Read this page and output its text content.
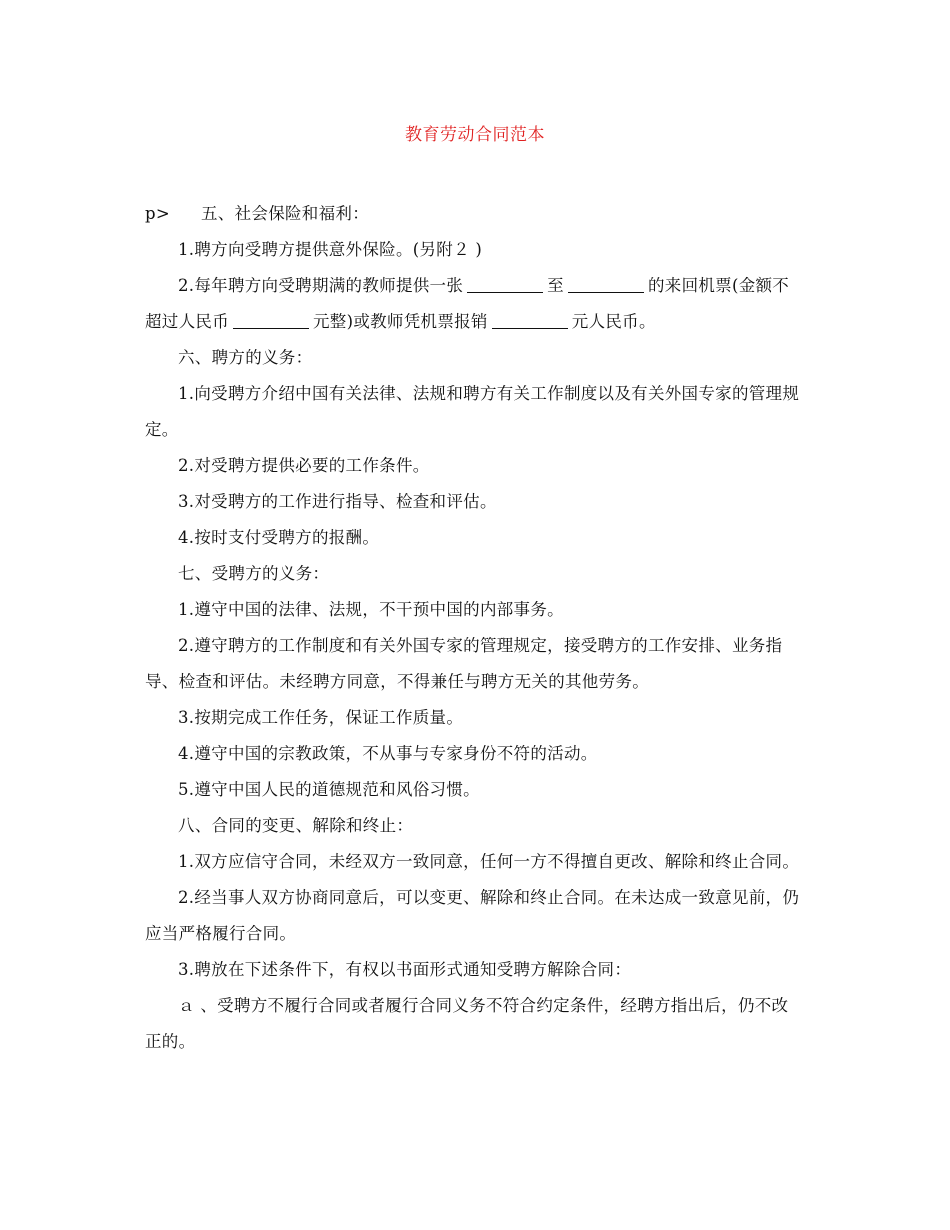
教育劳动合同范本

p> 五、社会保险和福利：

1.聘方向受聘方提供意外保险。(另附２ )

2.每年聘方向受聘期满的教师提供一张	至	的来回机票(金额不超过人民币	元整)或教师凭机票报销	元人民币。

六、聘方的义务：

1.向受聘方介绍中国有关法律、法规和聘方有关工作制度以及有关外国专家的管理规定。

2.对受聘方提供必要的工作条件。

3.对受聘方的工作进行指导、检查和评估。

4.按时支付受聘方的报酬。

七、受聘方的义务：

1.遵守中国的法律、法规，不干预中国的内部事务。

2.遵守聘方的工作制度和有关外国专家的管理规定，接受聘方的工作安排、业务指导、检查和评估。未经聘方同意，不得兼任与聘方无关的其他劳务。

3.按期完成工作任务，保证工作质量。

4.遵守中国的宗教政策，不从事与专家身份不符的活动。

5.遵守中国人民的道德规范和风俗习惯。

八、合同的变更、解除和终止：

1.双方应信守合同，未经双方一致同意，任何一方不得擅自更改、解除和终止合同。

2.经当事人双方协商同意后，可以变更、解除和终止合同。在未达成一致意见前，仍应当严格履行合同。

3.聘放在下述条件下，有权以书面形式通知受聘方解除合同：

ａ 、受聘方不履行合同或者履行合同义务不符合约定条件，经聘方指出后，仍不改正的。
